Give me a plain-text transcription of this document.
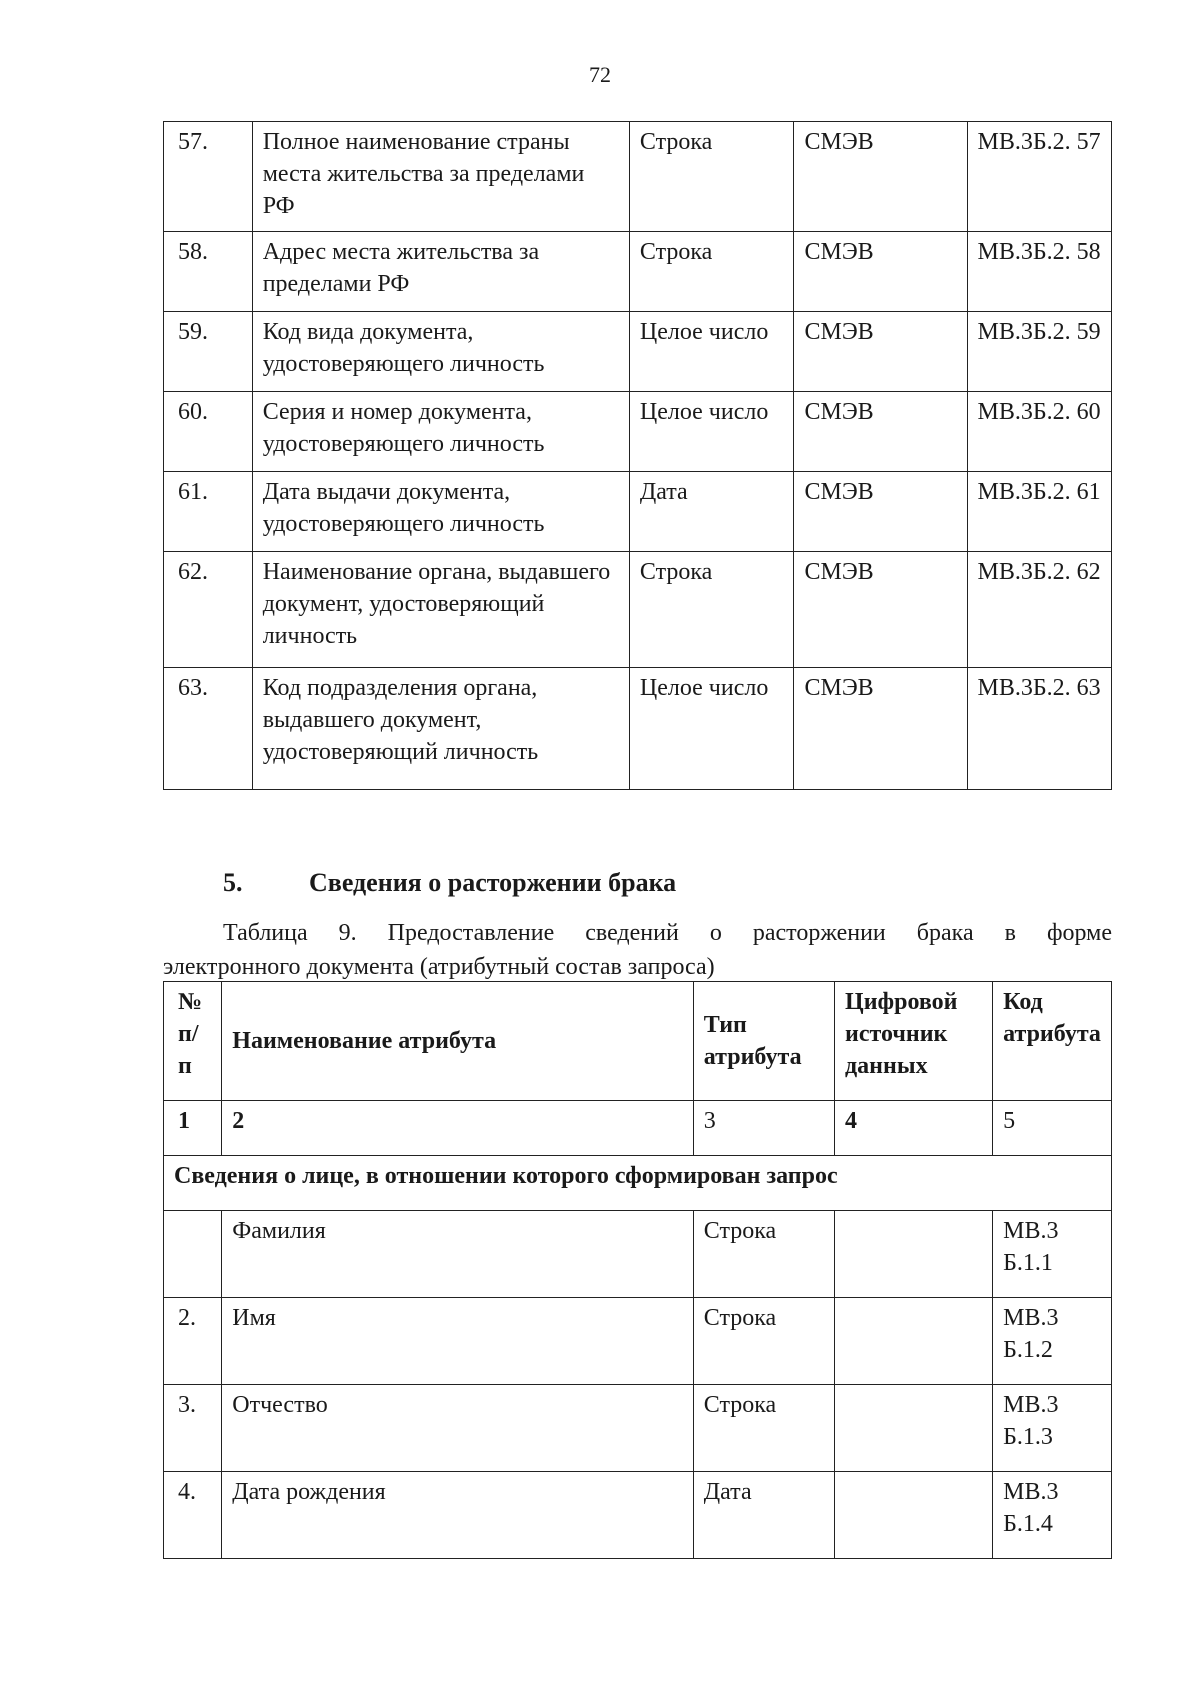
72
57.	Полное наименование страны места жительства за пределами РФ	Строка	СМЭВ	МВ.3Б.2. 57
58.	Адрес места жительства за пределами РФ	Строка	СМЭВ	МВ.3Б.2. 58
59.	Код вида документа, удостоверяющего личность	Целое число	СМЭВ	МВ.3Б.2. 59
60.	Серия и номер документа, удостоверяющего личность	Целое число	СМЭВ	МВ.3Б.2. 60
61.	Дата выдачи документа, удостоверяющего личность	Дата	СМЭВ	МВ.3Б.2. 61
62.	Наименование органа, выдавшего документ, удостоверяющий личность	Строка	СМЭВ	МВ.3Б.2. 62
63.	Код подразделения органа, выдавшего документ, удостоверяющий личность	Целое число	СМЭВ	МВ.3Б.2. 63
5.	Сведения о расторжении брака
Таблица 9. Предоставление сведений о расторжении брака в форме
электронного документа (атрибутный состав запроса)
№ п/ п	Наименование атрибута	Тип атрибута	Цифровой источник данных	Код атрибута
1	2	3	4	5
Сведения о лице, в отношении которого сформирован запрос				
	Фамилия	Строка		МВ.3 Б.1.1
2.	Имя	Строка		МВ.3 Б.1.2
3.	Отчество	Строка		МВ.3 Б.1.3
4.	Дата рождения	Дата		МВ.3 Б.1.4
